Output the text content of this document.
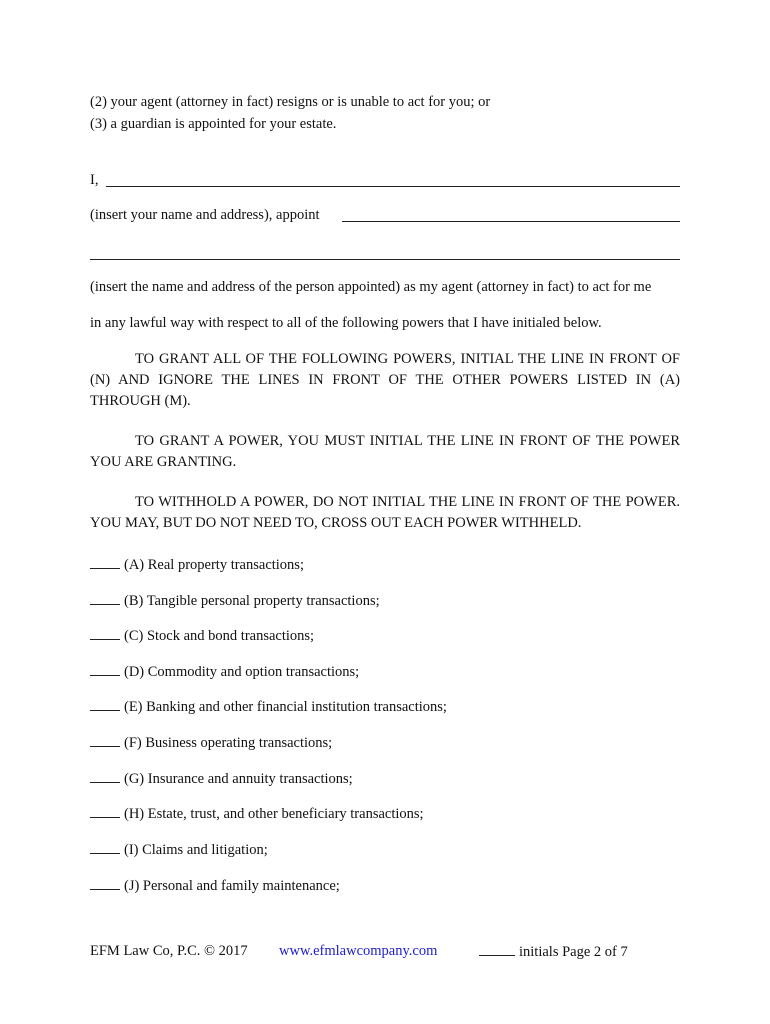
(2) your agent (attorney in fact) resigns or is unable to act for you; or
(3) a guardian is appointed for your estate.
I,
(insert your name and address), appoint
(insert the name and address of the person appointed) as my agent (attorney in fact) to act for me
in any lawful way with respect to all of the following powers that I have initialed below.
TO GRANT ALL OF THE FOLLOWING POWERS, INITIAL THE LINE IN FRONT OF (N) AND IGNORE THE LINES IN FRONT OF THE OTHER POWERS LISTED IN (A) THROUGH (M).
TO GRANT A POWER, YOU MUST INITIAL THE LINE IN FRONT OF THE POWER YOU ARE GRANTING.
TO WITHHOLD A POWER, DO NOT INITIAL THE LINE IN FRONT OF THE POWER. YOU MAY, BUT DO NOT NEED TO, CROSS OUT EACH POWER WITHHELD.
(A) Real property transactions;
(B) Tangible personal property transactions;
(C) Stock and bond transactions;
(D) Commodity and option transactions;
(E) Banking and other financial institution transactions;
(F) Business operating transactions;
(G) Insurance and annuity transactions;
(H) Estate, trust, and other beneficiary transactions;
(I) Claims and litigation;
(J) Personal and family maintenance;
EFM Law Co, P.C. © 2017 www.efmlawcompany.com	initials Page 2 of 7
